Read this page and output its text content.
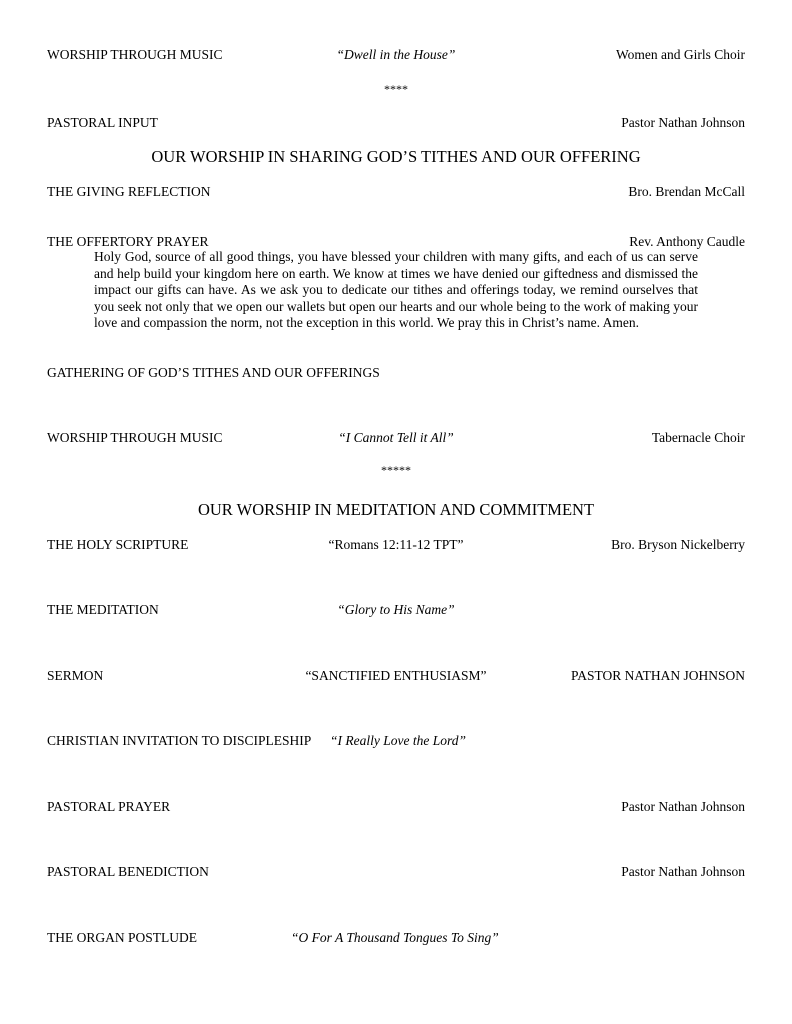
WORSHIP THROUGH MUSIC	“Dwell in the House”	Women and Girls Choir
****
PASTORAL INPUT	Pastor Nathan Johnson
OUR WORSHIP IN SHARING GOD’S TITHES AND OUR OFFERING
THE GIVING REFLECTION	Bro. Brendan McCall
THE OFFERTORY PRAYER	Rev. Anthony Caudle
Holy God, source of all good things, you have blessed your children with many gifts, and each of us can serve and help build your kingdom here on earth. We know at times we have denied our giftedness and dismissed the impact our gifts can have. As we ask you to dedicate our tithes and offerings today, we remind ourselves that you seek not only that we open our wallets but open our hearts and our whole being to the work of making your love and compassion the norm, not the exception in this world. We pray this in Christ’s name. Amen.
GATHERING OF GOD’S TITHES AND OUR OFFERINGS
WORSHIP THROUGH MUSIC	“I Cannot Tell it All”	Tabernacle Choir
*****
OUR WORSHIP IN MEDITATION AND COMMITMENT
THE HOLY SCRIPTURE	“Romans 12:11-12 TPT”	Bro. Bryson Nickelberry
THE MEDITATION	“Glory to His Name”
SERMON	“SANCTIFIED ENTHUSIASM”	PASTOR NATHAN JOHNSON
CHRISTIAN INVITATION TO DISCIPLESHIP “I Really Love the Lord”
PASTORAL PRAYER	Pastor Nathan Johnson
PASTORAL BENEDICTION	Pastor Nathan Johnson
THE ORGAN POSTLUDE	“O For A Thousand Tongues To Sing”
